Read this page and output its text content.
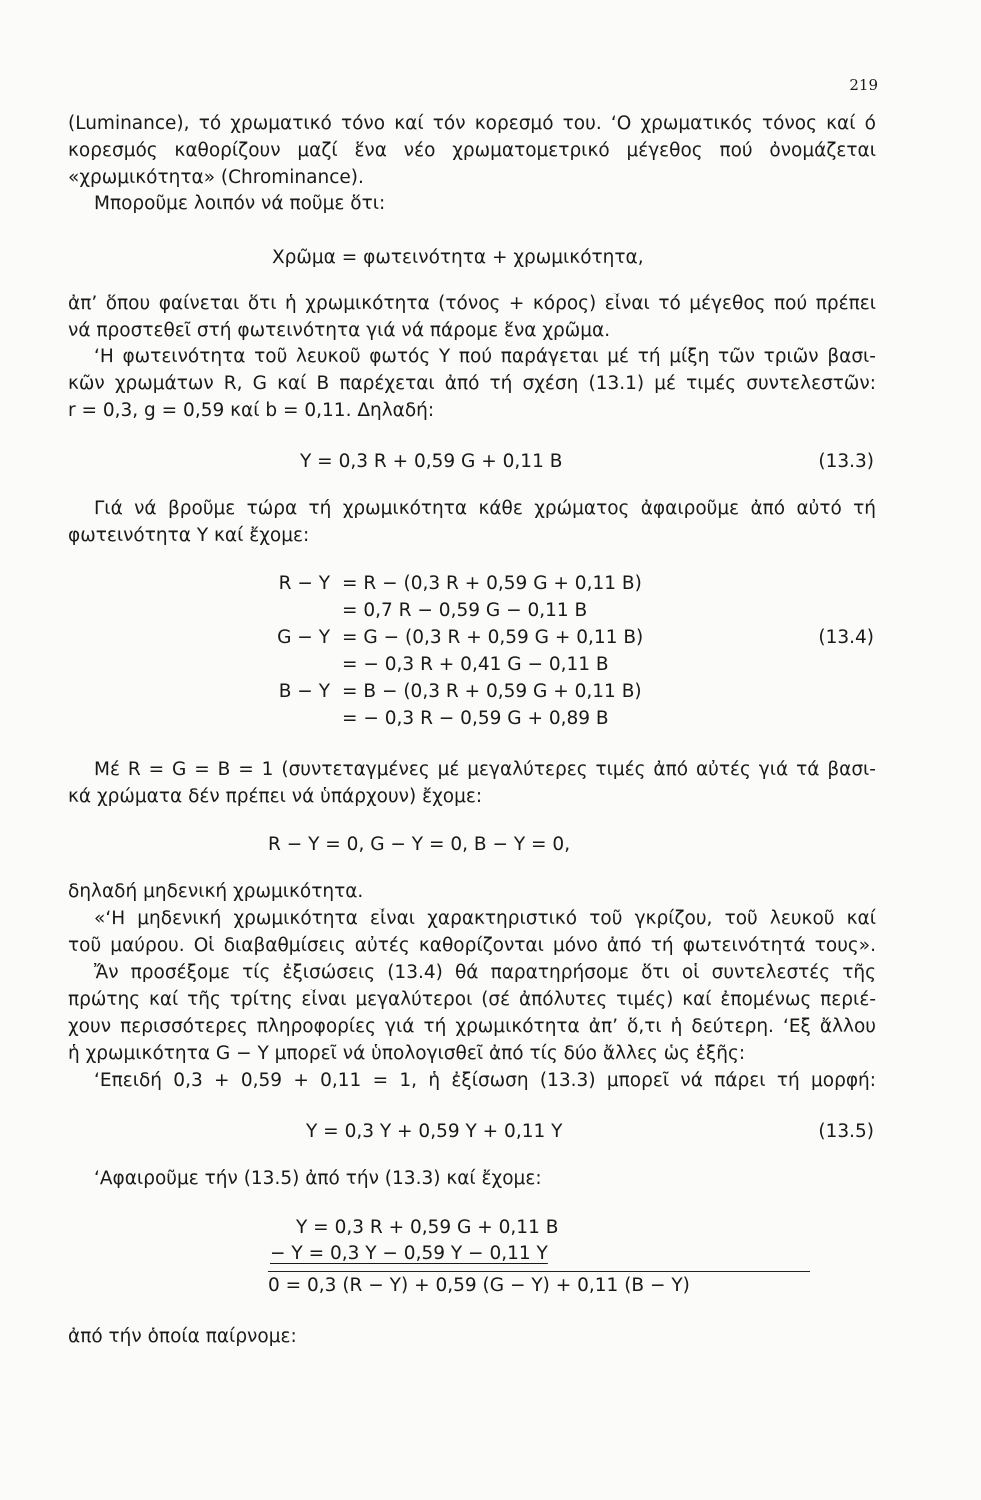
219
(Luminance), τό χρωματικό τόνο καί τόν κορεσμό του. ‘Ο χρωματικός τόνος καί ό
κορεσμός καθορίζουν μαζί ἕνα νέο χρωματομετρικό μέγεθος πού ὀνομάζεται
«χρωμικότητα» (Chrominance).
Μποροῦμε λοιπόν νά ποῦμε ὅτι:
Χρῶμα = φωτεινότητα + χρωμικότητα,
ἀπ’ ὅπου φαίνεται ὅτι ἡ χρωμικότητα (τόνος + κόρος) εἶναι τό μέγεθος πού πρέπει
νά προστεθεῖ στή φωτεινότητα γιά νά πάρομε ἕνα χρῶμα.
‘Η φωτεινότητα τοῦ λευκοῦ φωτός Y πού παράγεται μέ τή μίξη τῶν τριῶν βασι-
κῶν χρωμάτων R, G καί B παρέχεται ἀπό τή σχέση (13.1) μέ τιμές συντελεστῶν:
r = 0,3, g = 0,59 καί b = 0,11. Δηλαδή:
Y = 0,3 R + 0,59 G + 0,11 B	(13.3)
Γιά νά βροῦμε τώρα τή χρωμικότητα κάθε χρώματος ἀφαιροῦμε ἀπό αὐτό τή
φωτεινότητα Y καί ἔχομε:
R − Y = R − (0,3 R + 0,59 G + 0,11 B)
= 0,7 R − 0,59 G − 0,11 B
G − Y = G − (0,3 R + 0,59 G + 0,11 B)	(13.4)
= − 0,3 R + 0,41 G − 0,11 B
B − Y = B − (0,3 R + 0,59 G + 0,11 B)
= − 0,3 R − 0,59 G + 0,89 B
Μέ R = G = B = 1 (συντεταγμένες μέ μεγαλύτερες τιμές ἀπό αὐτές γιά τά βασι-
κά χρώματα δέν πρέπει νά ὑπάρχουν) ἔχομε:
R − Y = 0, G − Y = 0, B − Y = 0,
δηλαδή μηδενική χρωμικότητα.
«‘Η μηδενική χρωμικότητα εἶναι χαρακτηριστικό τοῦ γκρίζου, τοῦ λευκοῦ καί
τοῦ μαύρου. Οἱ διαβαθμίσεις αὐτές καθορίζονται μόνο ἀπό τή φωτεινότητά τους».
Ἄν προσέξομε τίς ἐξισώσεις (13.4) θά παρατηρήσομε ὅτι οἱ συντελεστές τῆς
πρώτης καί τῆς τρίτης εἶναι μεγαλύτεροι (σέ ἀπόλυτες τιμές) καί ἐπομένως περιέ-
χουν περισσότερες πληροφορίες γιά τή χρωμικότητα ἀπ’ ὅ,τι ἡ δεύτερη. ‘Εξ ἄλλου
ἡ χρωμικότητα G − Y μπορεῖ νά ὑπολογισθεῖ ἀπό τίς δύο ἄλλες ὡς ἑξῆς:
‘Επειδή 0,3 + 0,59 + 0,11 = 1, ἡ ἐξίσωση (13.3) μπορεῖ νά πάρει τή μορφή:
Y = 0,3 Y + 0,59 Y + 0,11 Y	(13.5)
‘Αφαιροῦμε τήν (13.5) ἀπό τήν (13.3) καί ἔχομε:
Y = 0,3 R + 0,59 G + 0,11 B
− Y = 0,3 Y − 0,59 Y − 0,11 Y
0 = 0,3 (R − Y) + 0,59 (G − Y) + 0,11 (B − Y)
ἀπό τήν ὁποία παίρνομε:
